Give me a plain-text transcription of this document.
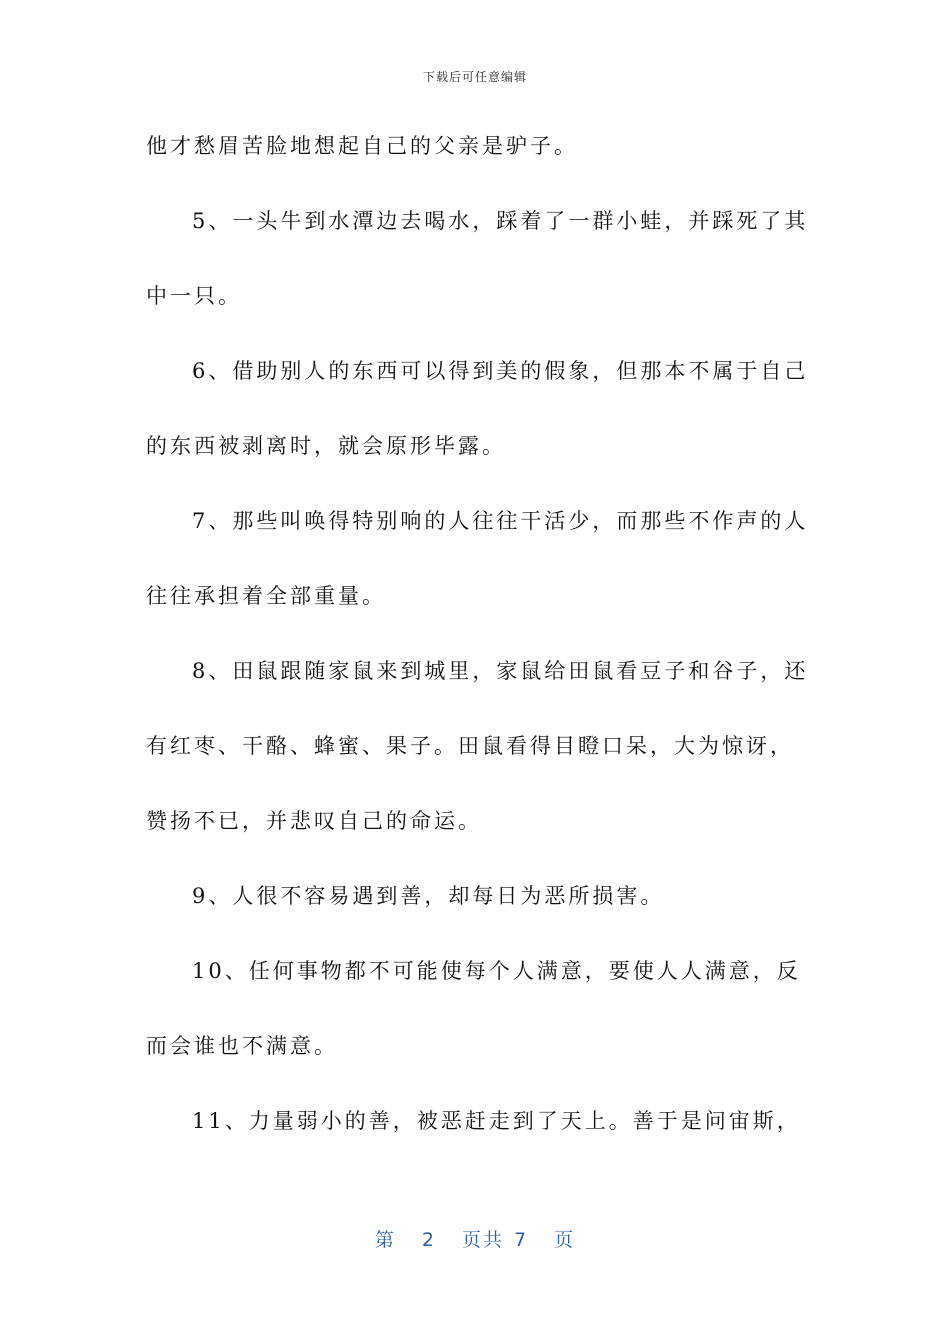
下载后可任意编辑
他才愁眉苦脸地想起自己的父亲是驴子。
5、一头牛到水潭边去喝水，踩着了一群小蛙，并踩死了其
中一只。
6、借助别人的东西可以得到美的假象，但那本不属于自己
的东西被剥离时，就会原形毕露。
7、那些叫唤得特别响的人往往干活少，而那些不作声的人
往往承担着全部重量。
8、田鼠跟随家鼠来到城里，家鼠给田鼠看豆子和谷子，还
有红枣、干酪、蜂蜜、果子。田鼠看得目瞪口呆，大为惊讶，
赞扬不已，并悲叹自己的命运。
9、人很不容易遇到善，却每日为恶所损害。
10、任何事物都不可能使每个人满意，要使人人满意，反
而会谁也不满意。
11、力量弱小的善，被恶赶走到了天上。善于是问宙斯，
第 2 页共 7 页
